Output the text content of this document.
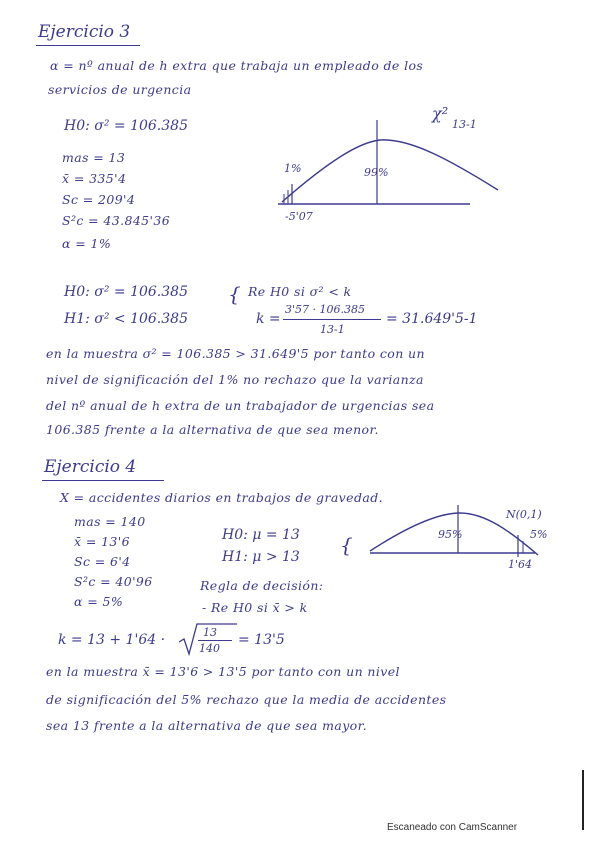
Ejercicio 3
α = nº anual de h extra que trabaja un empleado de los
servicios de urgencia
H0: σ² = 106.385
χ²
13-1
mas = 13
x̄ = 335'4
Sc = 209'4
S²c = 43.845'36
α = 1%
1%	99%
-5'07
H0: σ² = 106.385
H1: σ² < 106.385
{ Re H0 si σ² < k
k =
3'57 · 106.385
13-1
= 31.649'5-1
en la muestra σ² = 106.385 > 31.649'5 por tanto con un
nivel de significación del 1% no rechazo que la varianza
del nº anual de h extra de un trabajador de urgencias sea
106.385 frente a la alternativa de que sea menor.
Ejercicio 4
X = accidentes diarios en trabajos de gravedad.
mas = 140
x̄ = 13'6
Sc = 6'4
S²c = 40'96
α = 5%
H0: μ = 13
H1: μ > 13 {
Regla de decisión:
- Re H0 si x̄ > k
N(0,1)
95%	5%
1'64
k = 13 + 1'64 ·	13
140
= 13'5
en la muestra x̄ = 13'6 > 13'5 por tanto con un nivel
de significación del 5% rechazo que la media de accidentes
sea 13 frente a la alternativa de que sea mayor.
Escaneado con CamScanner
